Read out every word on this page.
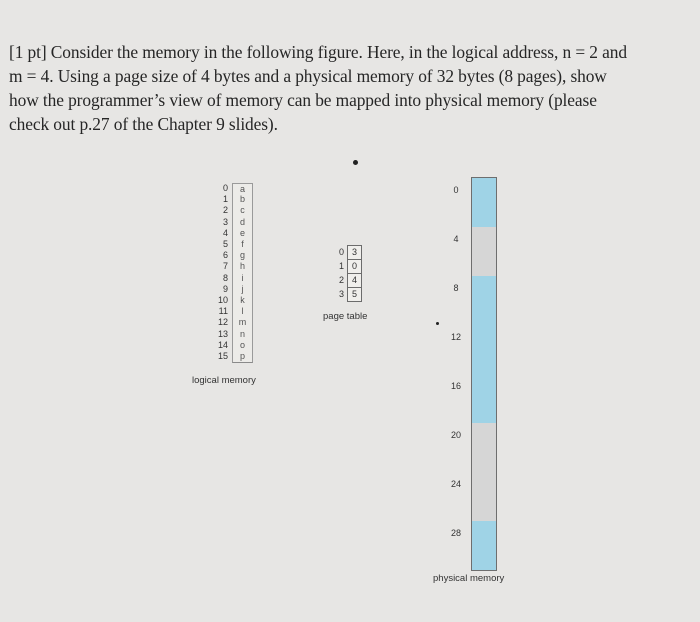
[1 pt] Consider the memory in the following figure. Here, in the logical address, n = 2 and

m = 4. Using a page size of 4 bytes and a physical memory of 32 bytes (8 pages), show

how the programmer’s view of memory can be mapped into physical memory (please

check out p.27 of the Chapter 9 slides).

0	a
1	b
2	c
3	d
4	e
5	f
6	g
7	h
8	i
9	j
10	k
11	l
12	m
13	n
14	o
15	p
logical memory
0 3
1 0
2 4
3 5
page table
0
4
8
12
16
20
24
28
physical memory
